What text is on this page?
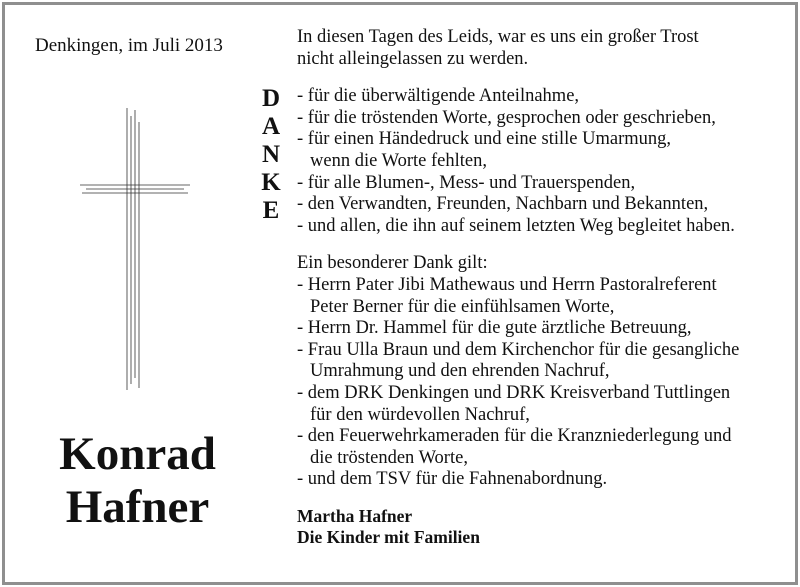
Denkingen, im Juli 2013
Konrad
Hafner
D
A
N
K
E
In diesen Tagen des Leids, war es uns ein großer Trost
nicht alleingelassen zu werden.
- für die überwältigende Anteilnahme,
- für die tröstenden Worte, gesprochen oder geschrieben,
- für einen Händedruck und eine stille Umarmung,
wenn die Worte fehlten,
- für alle Blumen-, Mess- und Trauerspenden,
- den Verwandten, Freunden, Nachbarn und Bekannten,
- und allen, die ihn auf seinem letzten Weg begleitet haben.
Ein besonderer Dank gilt:
- Herrn Pater Jibi Mathewaus und Herrn Pastoralreferent
Peter Berner für die einfühlsamen Worte,
- Herrn Dr. Hammel für die gute ärztliche Betreuung,
- Frau Ulla Braun und dem Kirchenchor für die gesangliche
Umrahmung und den ehrenden Nachruf,
- dem DRK Denkingen und DRK Kreisverband Tuttlingen
für den würdevollen Nachruf,
- den Feuerwehrkameraden für die Kranzniederlegung und
die tröstenden Worte,
- und dem TSV für die Fahnenabordnung.
Martha Hafner
Die Kinder mit Familien
